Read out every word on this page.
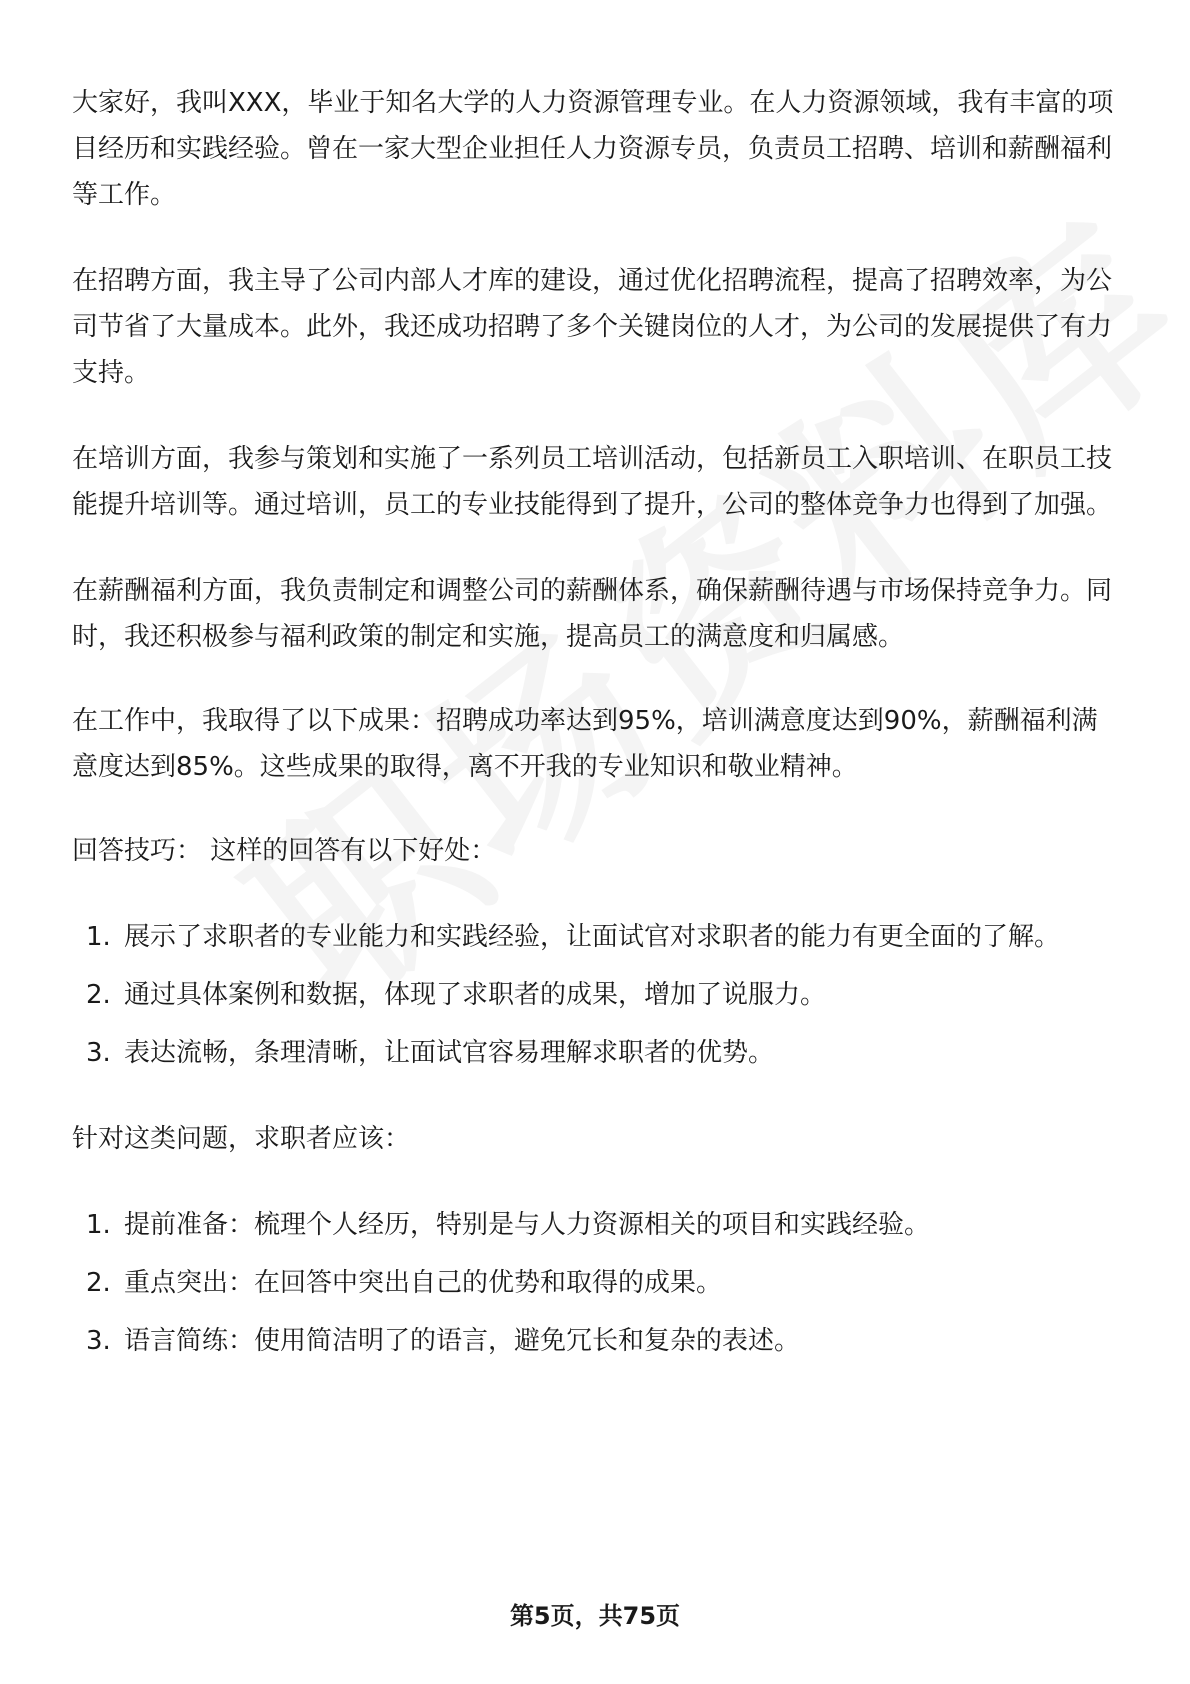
大家好，我叫XXX，毕业于知名大学的人力资源管理专业。在人力资源领域，我有丰富的项目经历和实践经验。曾在一家大型企业担任人力资源专员，负责员工招聘、培训和薪酬福利等工作。

在招聘方面，我主导了公司内部人才库的建设，通过优化招聘流程，提高了招聘效率，为公司节省了大量成本。此外，我还成功招聘了多个关键岗位的人才，为公司的发展提供了有力支持。

在培训方面，我参与策划和实施了一系列员工培训活动，包括新员工入职培训、在职员工技能提升培训等。通过培训，员工的专业技能得到了提升，公司的整体竞争力也得到了加强。

在薪酬福利方面，我负责制定和调整公司的薪酬体系，确保薪酬待遇与市场保持竞争力。同时，我还积极参与福利政策的制定和实施，提高员工的满意度和归属感。

在工作中，我取得了以下成果：招聘成功率达到95%，培训满意度达到90%，薪酬福利满意度达到85%。这些成果的取得，离不开我的专业知识和敬业精神。

回答技巧： 这样的回答有以下好处：
1. 展示了求职者的专业能力和实践经验，让面试官对求职者的能力有更全面的了解。
2. 通过具体案例和数据，体现了求职者的成果，增加了说服力。
3. 表达流畅，条理清晰，让面试官容易理解求职者的优势。
针对这类问题，求职者应该：
1. 提前准备：梳理个人经历，特别是与人力资源相关的项目和实践经验。
2. 重点突出：在回答中突出自己的优势和取得的成果。
3. 语言简练：使用简洁明了的语言，避免冗长和复杂的表述。
第5页，共75页
